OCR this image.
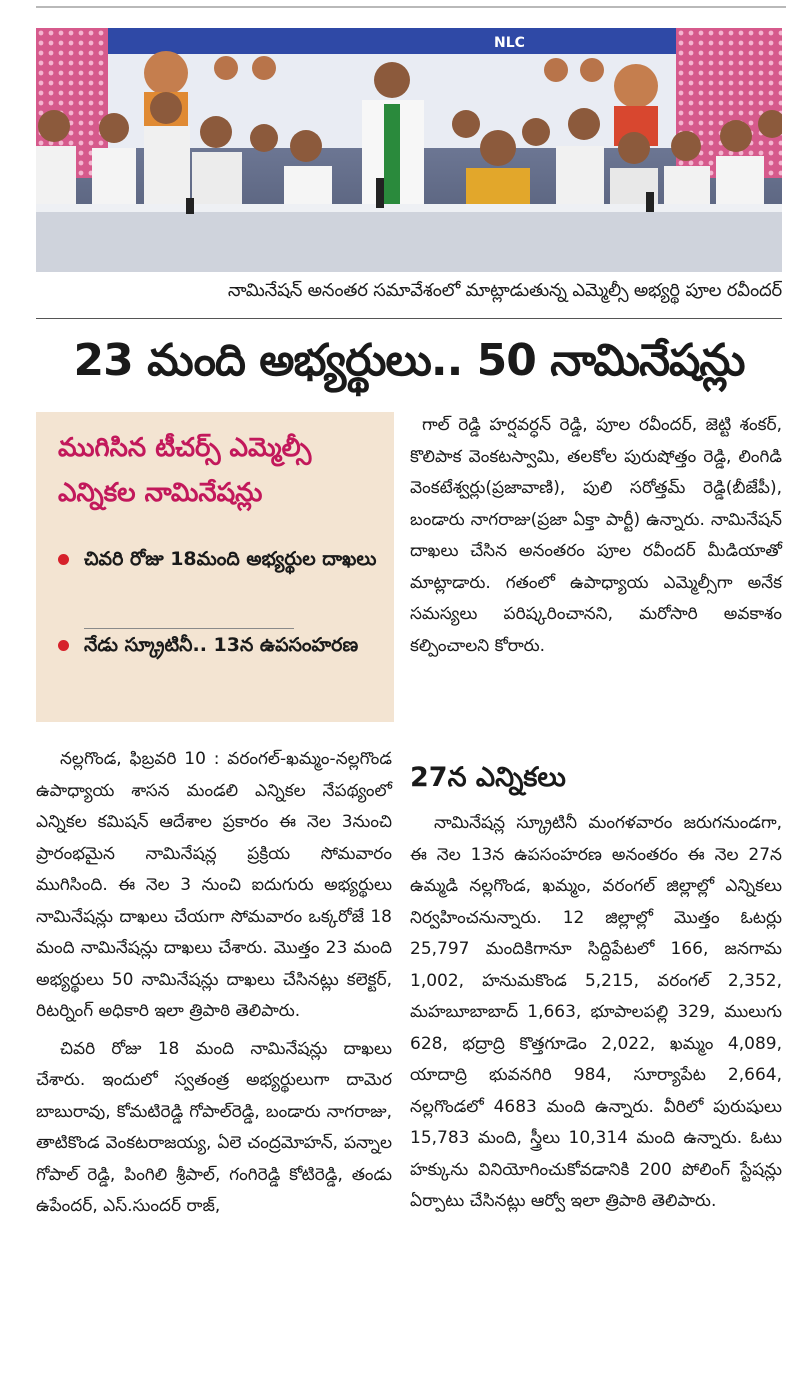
NLC
నామినేషన్ అనంతర సమావేశంలో మాట్లాడుతున్న ఎమ్మెల్సీ అభ్యర్థి పూల రవీందర్
23 మంది అభ్యర్థులు.. 50 నామినేషన్లు
ముగిసిన టీచర్స్ ఎమ్మెల్సీ ఎన్నికల నామినేషన్లు
చివరి రోజు 18మంది అభ్యర్థుల దాఖలు
నేడు స్క్రూటినీ.. 13న ఉపసంహరణ

నల్లగొండ, ఫిబ్రవరి 10 : వరంగల్-ఖమ్మం-నల్లగొండ ఉపాధ్యాయ శాసన మండలి ఎన్నికల నేపథ్యంలో ఎన్నికల కమిషన్ ఆదేశాల ప్రకారం ఈ నెల 3నుంచి ప్రారంభమైన నామినేషన్ల ప్రక్రియ సోమవారం ముగిసింది. ఈ నెల 3 నుంచి ఐదుగురు అభ్యర్థులు నామినేషన్లు దాఖలు చేయగా సోమవారం ఒక్కరోజే 18 మంది నామినేషన్లు దాఖలు చేశారు. మొత్తం 23 మంది అభ్యర్థులు 50 నామినేషన్లు దాఖలు చేసినట్లు కలెక్టర్, రిటర్నింగ్ అధికారి ఇలా త్రిపాఠి తెలిపారు.

చివరి రోజు 18 మంది నామినేషన్లు దాఖలు చేశారు. ఇందులో స్వతంత్ర అభ్యర్థులుగా దామెర బాబురావు, కోమటిరెడ్డి గోపాల్‌రెడ్డి, బండారు నాగరాజు, తాటికొండ వెంకటరాజయ్య, ఏలె చంద్రమోహన్, పన్నాల గోపాల్ రెడ్డి, పింగిలి శ్రీపాల్, గంగిరెడ్డి కోటిరెడ్డి, తండు ఉపేందర్, ఎస్.సుందర్ రాజ్,

గాల్ రెడ్డి హర్షవర్ధన్ రెడ్డి, పూల రవీందర్, జెట్టి శంకర్, కొలిపాక వెంకటస్వామి, తలకోల పురుషోత్తం రెడ్డి, లింగిడి వెంకటేశ్వర్లు(ప్రజావాణి), పులి సరోత్తమ్ రెడ్డి(బీజేపీ), బండారు నాగరాజు(ప్రజా ఏక్తా పార్టీ) ఉన్నారు. నామినేషన్ దాఖలు చేసిన అనంతరం పూల రవీందర్ మీడియాతో మాట్లాడారు. గతంలో ఉపాధ్యాయ ఎమ్మెల్సీగా అనేక సమస్యలు పరిష్కరించానని, మరోసారి అవకాశం కల్పించాలని కోరారు.

27న ఎన్నికలు

నామినేషన్ల స్క్రూటినీ మంగళవారం జరుగనుండగా, ఈ నెల 13న ఉపసంహరణ అనంతరం ఈ నెల 27న ఉమ్మడి నల్లగొండ, ఖమ్మం, వరంగల్ జిల్లాల్లో ఎన్నికలు నిర్వహించనున్నారు. 12 జిల్లాల్లో మొత్తం ఓటర్లు 25,797 మందికిగానూ సిద్దిపేటలో 166, జనగామ 1,002, హనుమకొండ 5,215, వరంగల్ 2,352, మహబూబాబాద్ 1,663, భూపాలపల్లి 329, ములుగు 628, భద్రాద్రి కొత్తగూడెం 2,022, ఖమ్మం 4,089, యాదాద్రి భువనగిరి 984, సూర్యాపేట 2,664, నల్లగొండలో 4683 మంది ఉన్నారు. వీరిలో పురుషులు 15,783 మంది, స్త్రీలు 10,314 మంది ఉన్నారు. ఓటు హక్కును వినియోగించుకోవడానికి 200 పోలింగ్ స్టేషన్లు ఏర్పాటు చేసినట్లు ఆర్వో ఇలా త్రిపాఠి తెలిపారు.
